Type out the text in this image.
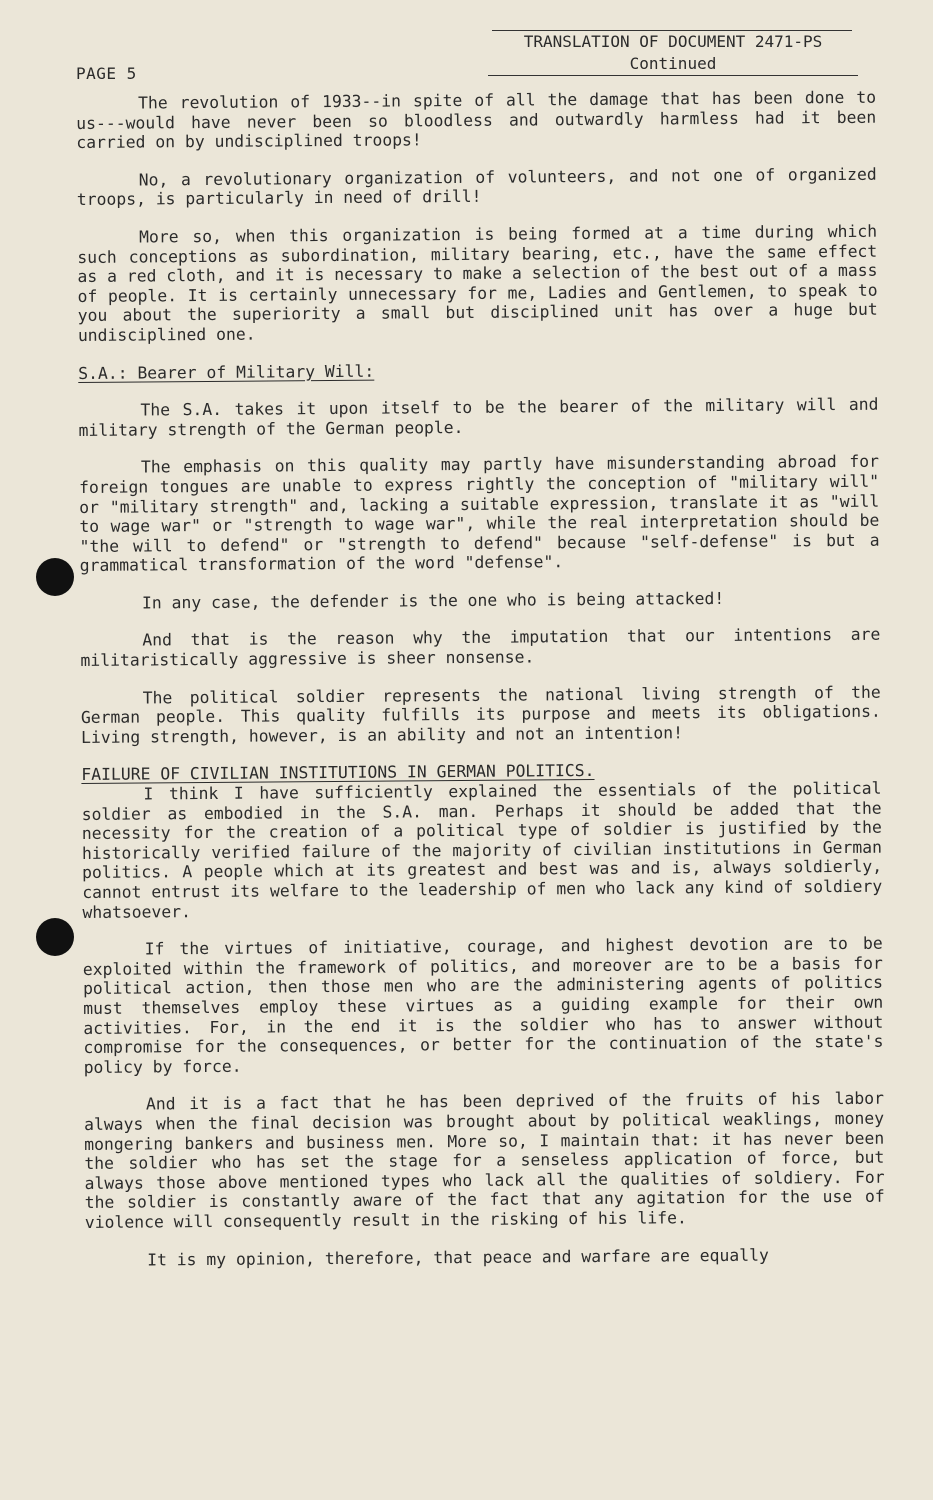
PAGE 5
TRANSLATION OF DOCUMENT 2471-PS
Continued

The revolution of 1933--in spite of all the damage that has been done to us---would have never been so bloodless and outwardly harmless had it been carried on by undisciplined troops!

No, a revolutionary organization of volunteers, and not one of organized troops, is particularly in need of drill!

More so, when this organization is being formed at a time during which such conceptions as subordination, military bearing, etc., have the same effect as a red cloth, and it is necessary to make a selection of the best out of a mass of people. It is certainly unnecessary for me, Ladies and Gentlemen, to speak to you about the superiority a small but disciplined unit has over a huge but undisciplined one.

S.A.: Bearer of Military Will:

The S.A. takes it upon itself to be the bearer of the military will and military strength of the German people.

The emphasis on this quality may partly have misunderstanding abroad for foreign tongues are unable to express rightly the conception of "military will" or "military strength" and, lacking a suitable expression, translate it as "will to wage war" or "strength to wage war", while the real interpretation should be "the will to defend" or "strength to defend" because "self-defense" is but a grammatical transformation of the word "defense".

In any case, the defender is the one who is being attacked!

And that is the reason why the imputation that our intentions are militaristically aggressive is sheer nonsense.

The political soldier represents the national living strength of the German people. This quality fulfills its purpose and meets its obligations. Living strength, however, is an ability and not an intention!

FAILURE OF CIVILIAN INSTITUTIONS IN GERMAN POLITICS.

I think I have sufficiently explained the essentials of the political soldier as embodied in the S.A. man. Perhaps it should be added that the necessity for the creation of a political type of soldier is justified by the historically verified failure of the majority of civilian institutions in German politics. A people which at its greatest and best was and is, always soldierly, cannot entrust its welfare to the leadership of men who lack any kind of soldiery whatsoever.

If the virtues of initiative, courage, and highest devotion are to be exploited within the framework of politics, and moreover are to be a basis for political action, then those men who are the administering agents of politics must themselves employ these virtues as a guiding example for their own activities. For, in the end it is the soldier who has to answer without compromise for the consequences, or better for the continuation of the state's policy by force.

And it is a fact that he has been deprived of the fruits of his labor always when the final decision was brought about by political weaklings, money mongering bankers and business men. More so, I maintain that: it has never been the soldier who has set the stage for a senseless application of force, but always those above mentioned types who lack all the qualities of soldiery. For the soldier is constantly aware of the fact that any agitation for the use of violence will consequently result in the risking of his life.

It is my opinion, therefore, that peace and warfare are equally
